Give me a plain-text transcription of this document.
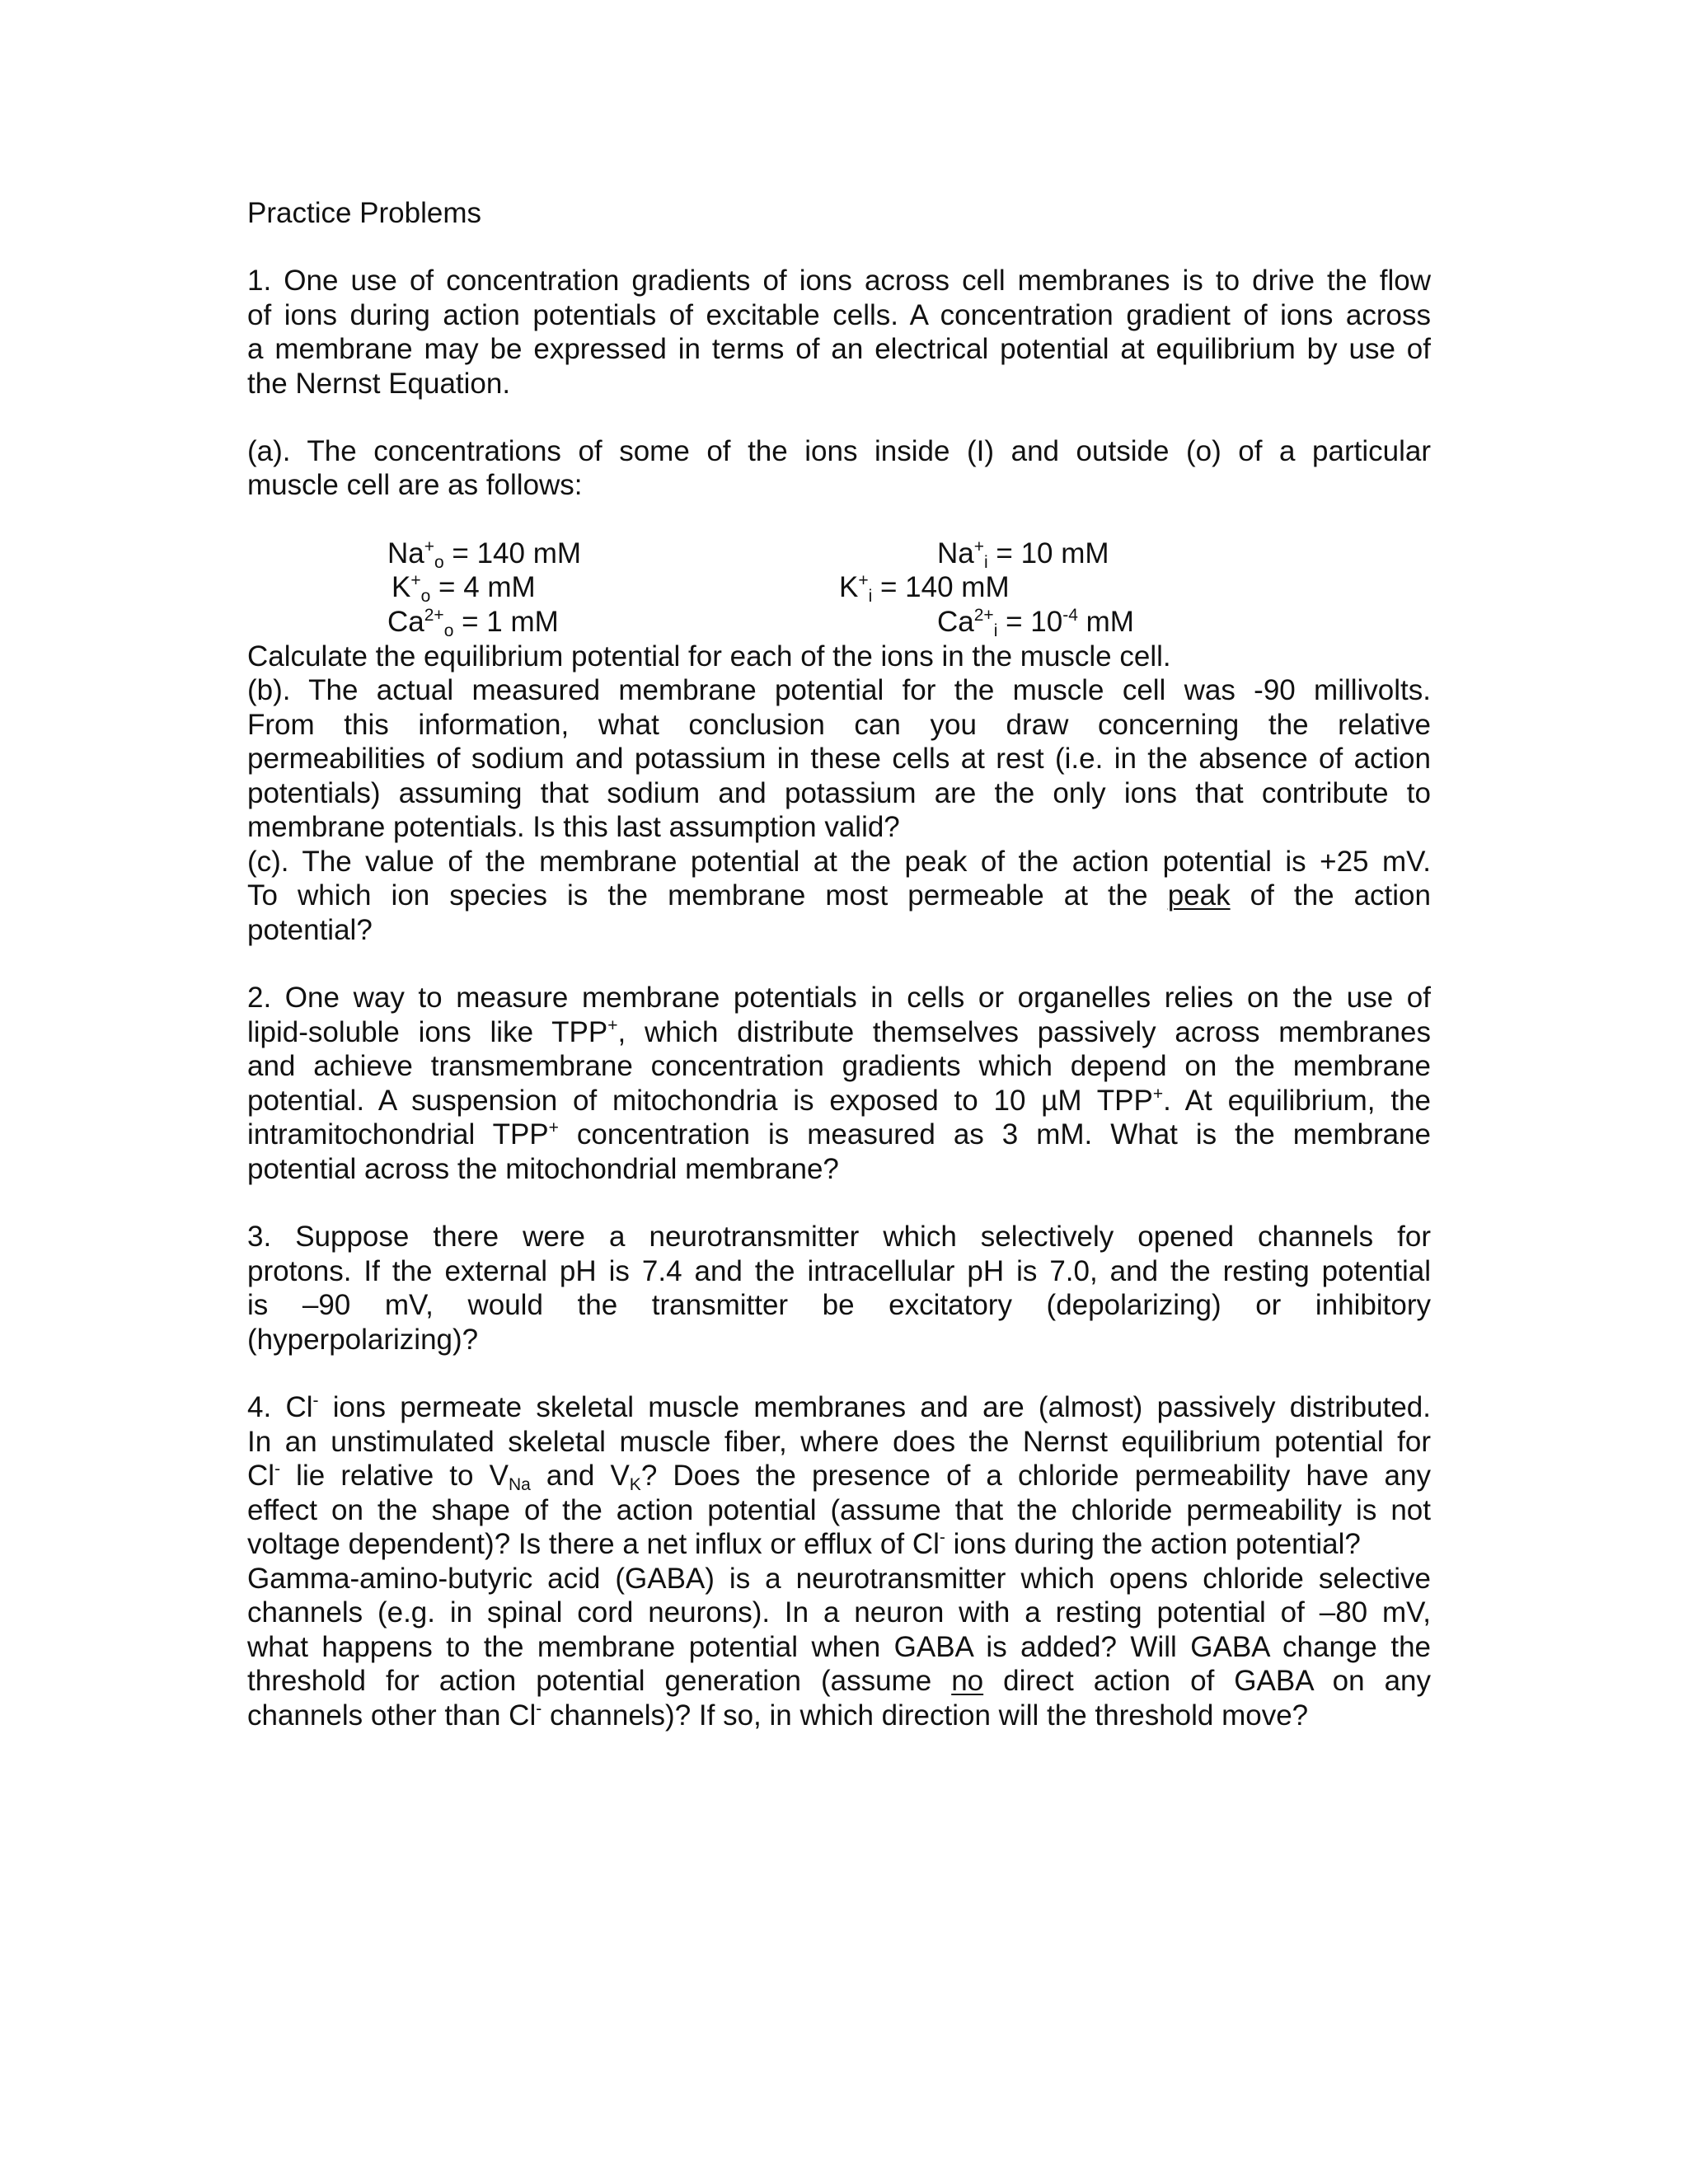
Practice Problems
1. One use of concentration gradients of ions across cell membranes is to drive the flow
of ions during action potentials of excitable cells. A concentration gradient of ions across
a membrane may be expressed in terms of an electrical potential at equilibrium by use of
the Nernst Equation.
(a). The concentrations of some of the ions inside (I) and outside (o) of a particular
muscle cell are as follows:
$Na^+_o = 140$ mM	$Na^+_i = 10$ mM
$K^+_o = 4$ mM	$K^+_i = 140$ mM
$Ca^{2+}_o = 1$ mM	$Ca^{2+}_i = 10^{-4}$ mM
Calculate the equilibrium potential for each of the ions in the muscle cell.
(b). The actual measured membrane potential for the muscle cell was -90 millivolts.
From this information, what conclusion can you draw concerning the relative
permeabilities of sodium and potassium in these cells at rest (i.e. in the absence of action
potentials) assuming that sodium and potassium are the only ions that contribute to
membrane potentials. Is this last assumption valid?
(c). The value of the membrane potential at the peak of the action potential is +25 mV.
To which ion species is the membrane most permeable at the peak of the action
potential?
2. One way to measure membrane potentials in cells or organelles relies on the use of
lipid-soluble ions like TPP+, which distribute themselves passively across membranes
and achieve transmembrane concentration gradients which depend on the membrane
potential. A suspension of mitochondria is exposed to 10 µM TPP+. At equilibrium, the
intramitochondrial TPP+ concentration is measured as 3 mM. What is the membrane
potential across the mitochondrial membrane?
3. Suppose there were a neurotransmitter which selectively opened channels for
protons. If the external pH is 7.4 and the intracellular pH is 7.0, and the resting potential
is –90 mV, would the transmitter be excitatory (depolarizing) or inhibitory
(hyperpolarizing)?
4. Cl- ions permeate skeletal muscle membranes and are (almost) passively distributed.
In an unstimulated skeletal muscle fiber, where does the Nernst equilibrium potential for
Cl- lie relative to $V_{Na}$ and $V_K$? Does the presence of a chloride permeability have any
effect on the shape of the action potential (assume that the chloride permeability is not
voltage dependent)? Is there a net influx or efflux of Cl- ions during the action potential?
Gamma-amino-butyric acid (GABA) is a neurotransmitter which opens chloride selective
channels (e.g. in spinal cord neurons). In a neuron with a resting potential of –80 mV,
what happens to the membrane potential when GABA is added? Will GABA change the
threshold for action potential generation (assume no direct action of GABA on any
channels other than Cl- channels)? If so, in which direction will the threshold move?
